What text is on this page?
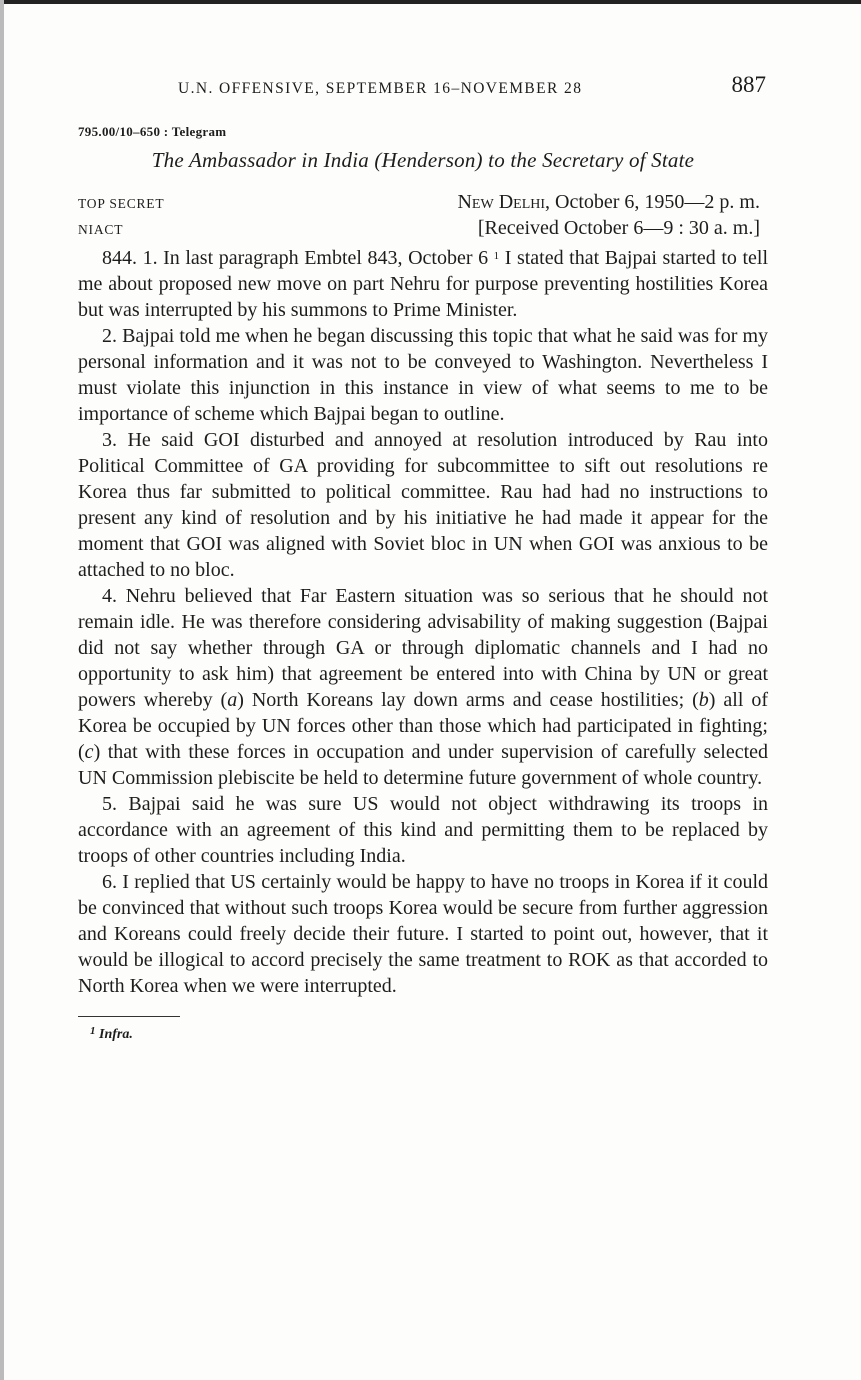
U.N. OFFENSIVE, SEPTEMBER 16–NOVEMBER 28	887
795.00/10–650 : Telegram
The Ambassador in India (Henderson) to the Secretary of State
TOP SECRET
NIACT
New Delhi, October 6, 1950—2 p. m.
[Received October 6—9 : 30 a. m.]

844. 1. In last paragraph Embtel 843, October 6 $^1$ I stated that Bajpai started to tell me about proposed new move on part Nehru for purpose preventing hostilities Korea but was interrupted by his summons to Prime Minister.

2. Bajpai told me when he began discussing this topic that what he said was for my personal information and it was not to be conveyed to Washington. Nevertheless I must violate this injunction in this instance in view of what seems to me to be importance of scheme which Bajpai began to outline.

3. He said GOI disturbed and annoyed at resolution introduced by Rau into Political Committee of GA providing for subcommittee to sift out resolutions re Korea thus far submitted to political committee. Rau had had no instructions to present any kind of resolution and by his initiative he had made it appear for the moment that GOI was aligned with Soviet bloc in UN when GOI was anxious to be attached to no bloc.

4. Nehru believed that Far Eastern situation was so serious that he should not remain idle. He was therefore considering advisability of making suggestion (Bajpai did not say whether through GA or through diplomatic channels and I had no opportunity to ask him) that agreement be entered into with China by UN or great powers whereby (a) North Koreans lay down arms and cease hostilities; (b) all of Korea be occupied by UN forces other than those which had participated in fighting; (c) that with these forces in occupation and under supervision of carefully selected UN Commission plebiscite be held to determine future government of whole country.

5. Bajpai said he was sure US would not object withdrawing its troops in accordance with an agreement of this kind and permitting them to be replaced by troops of other countries including India.

6. I replied that US certainly would be happy to have no troops in Korea if it could be convinced that without such troops Korea would be secure from further aggression and Koreans could freely decide their future. I started to point out, however, that it would be illogical to accord precisely the same treatment to ROK as that accorded to North Korea when we were interrupted.

$^1$ Infra.
